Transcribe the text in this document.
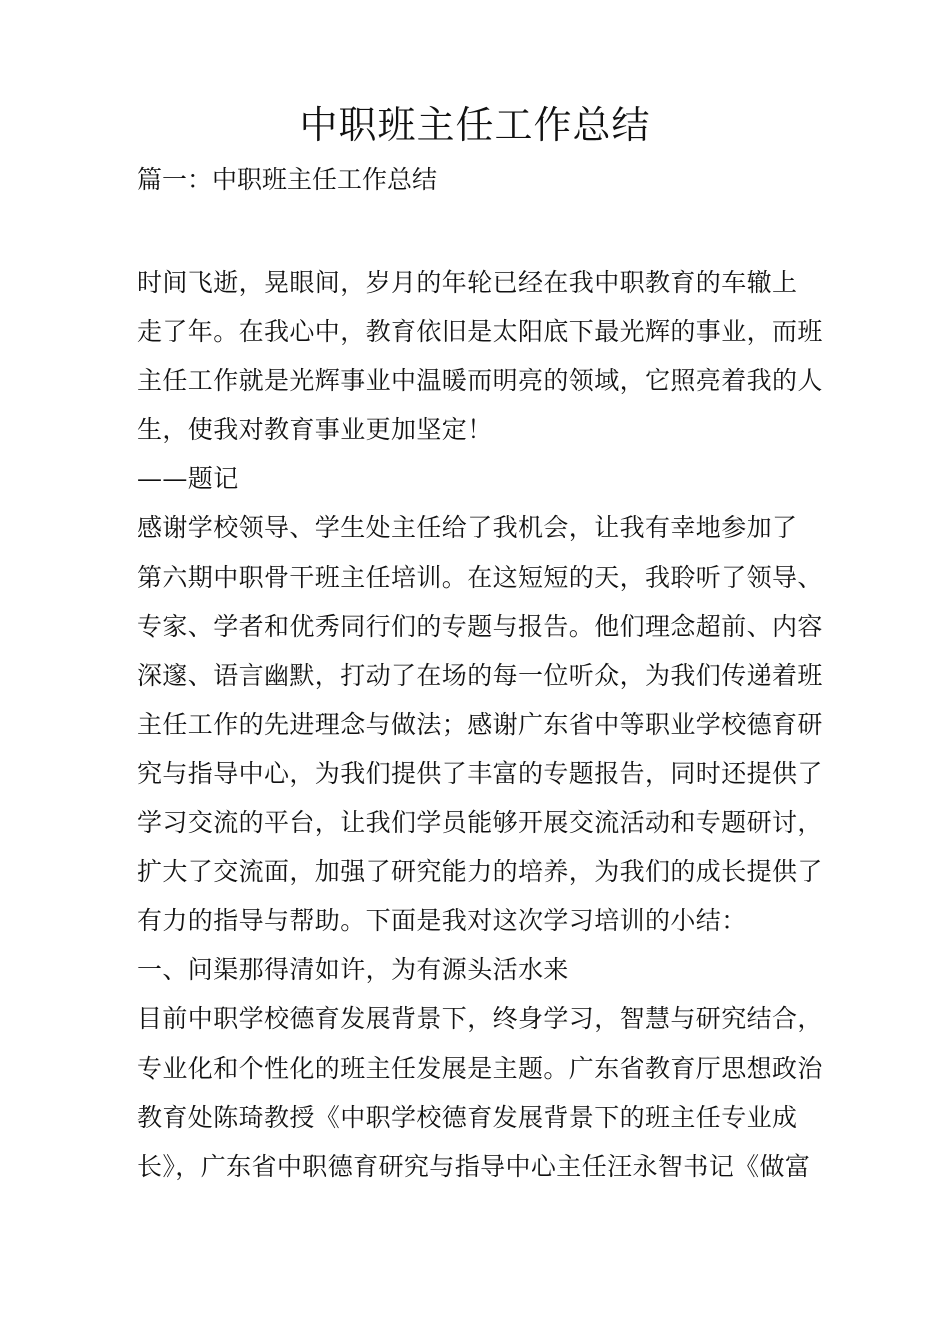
中职班主任工作总结
篇一：中职班主任工作总结

时间飞逝，晃眼间，岁月的年轮已经在我中职教育的车辙上

走了年。在我心中，教育依旧是太阳底下最光辉的事业，而班

主任工作就是光辉事业中温暖而明亮的领域，它照亮着我的人

生，使我对教育事业更加坚定！

——题记

感谢学校领导、学生处主任给了我机会，让我有幸地参加了

第六期中职骨干班主任培训。在这短短的天，我聆听了领导、

专家、学者和优秀同行们的专题与报告。他们理念超前、内容

深邃、语言幽默，打动了在场的每一位听众，为我们传递着班

主任工作的先进理念与做法；感谢广东省中等职业学校德育研

究与指导中心，为我们提供了丰富的专题报告，同时还提供了

学习交流的平台，让我们学员能够开展交流活动和专题研讨，

扩大了交流面，加强了研究能力的培养，为我们的成长提供了

有力的指导与帮助。下面是我对这次学习培训的小结：

一、问渠那得清如许，为有源头活水来

目前中职学校德育发展背景下，终身学习，智慧与研究结合，

专业化和个性化的班主任发展是主题。广东省教育厅思想政治

教育处陈琦教授《中职学校德育发展背景下的班主任专业成

长》，广东省中职德育研究与指导中心主任汪永智书记《做富
